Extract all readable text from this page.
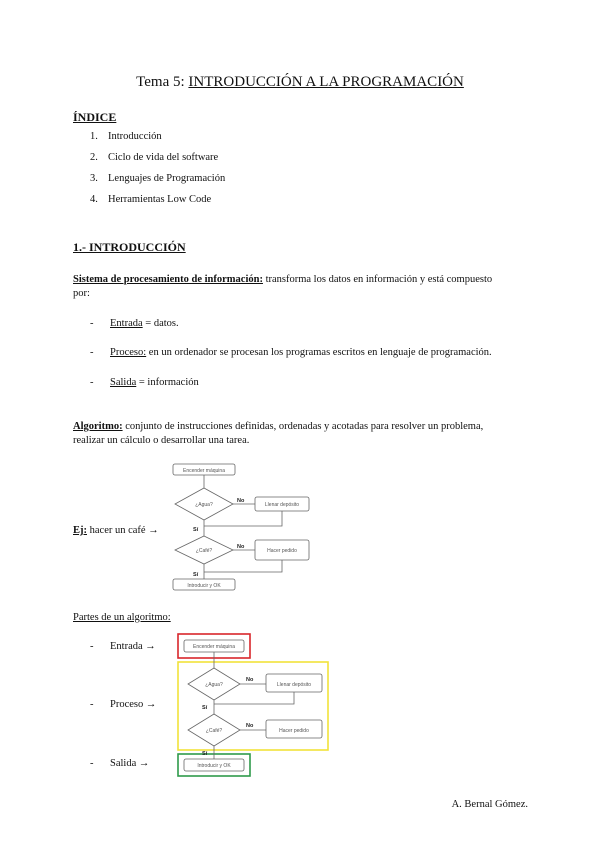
Tema 5: INTRODUCCIÓN A LA PROGRAMACIÓN
ÍNDICE
1. Introducción
2. Ciclo de vida del software
3. Lenguajes de Programación
4. Herramientas Low Code
1.- INTRODUCCIÓN
Sistema de procesamiento de información: transforma los datos en información y está compuesto
por:
- Entrada = datos.
- Proceso: en un ordenador se procesan los programas escritos en lenguaje de programación.
- Salida = información
Algoritmo: conjunto de instrucciones definidas, ordenadas y acotadas para resolver un problema,
realizar un cálculo o desarrollar una tarea.
Ej: hacer un café →
Encender máquina
¿Agua?	Llenar depósito
¿Café?	Hacer pedido
Introducir y OK
No
No
Sí
Sí
Partes de un algoritmo:
- Entrada →
- Proceso →
- Salida →
Encender máquina
¿Agua?	Llenar depósito
¿Café?	Hacer pedido
Introducir y OK
No
No
Sí
Sí
A. Bernal Gómez.
